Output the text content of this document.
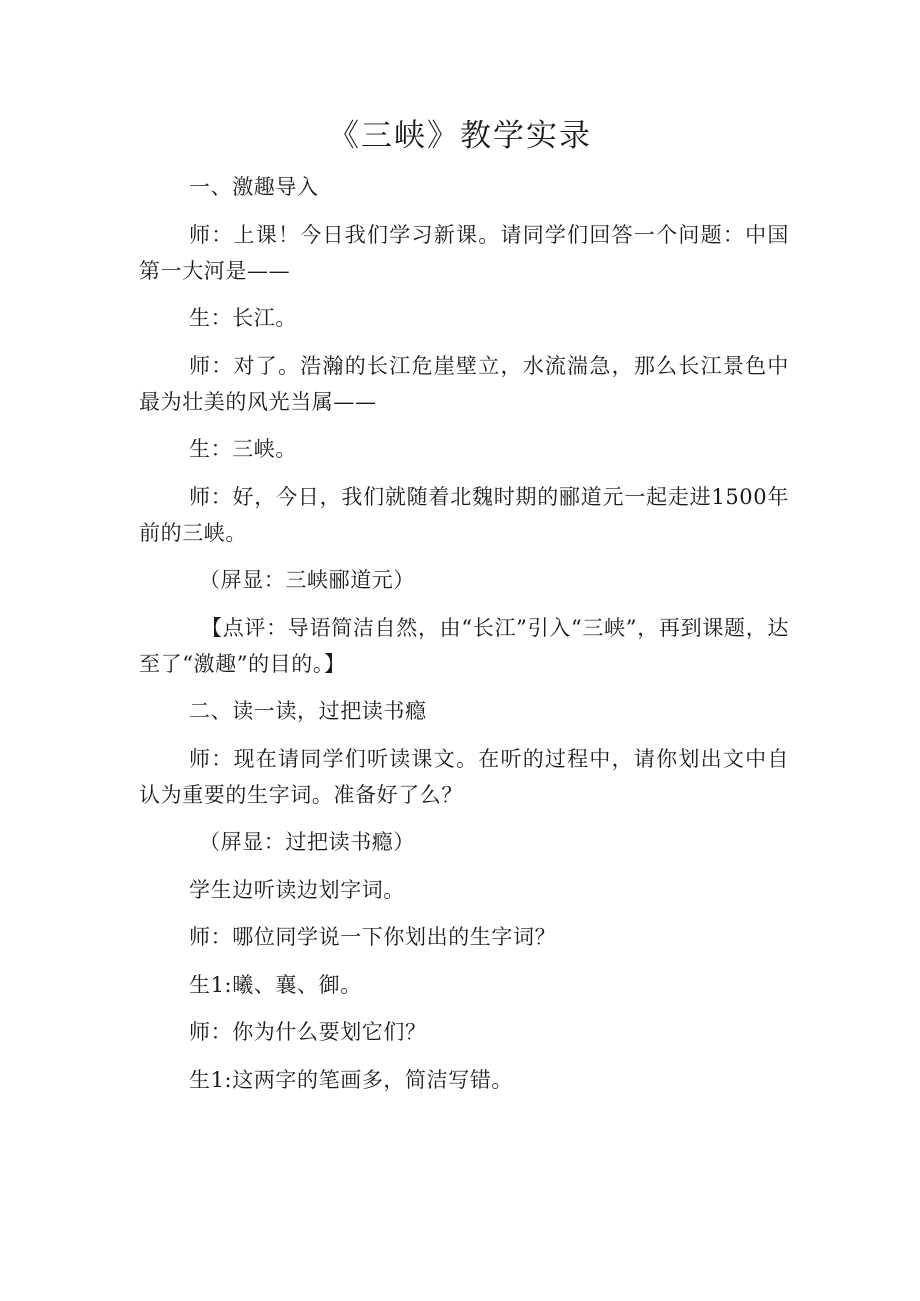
《三峡》教学实录

一、激趣导入

师：上课！今日我们学习新课。请同学们回答一个问题：中国第一大河是——

生：长江。

师：对了。浩瀚的长江危崖壁立，水流湍急，那么长江景色中最为壮美的风光当属——

生：三峡。

师：好，今日，我们就随着北魏时期的郦道元一起走进1500年前的三峡。

（屏显：三峡郦道元）

【点评：导语简洁自然，由“长江”引入“三峡”，再到课题，达至了“激趣”的目的。】

二、读一读，过把读书瘾

师：现在请同学们听读课文。在听的过程中，请你划出文中自认为重要的生字词。准备好了么？

（屏显：过把读书瘾）

学生边听读边划字词。

师：哪位同学说一下你划出的生字词？

生1:曦、襄、御。

师：你为什么要划它们？

生1:这两字的笔画多，简洁写错。
